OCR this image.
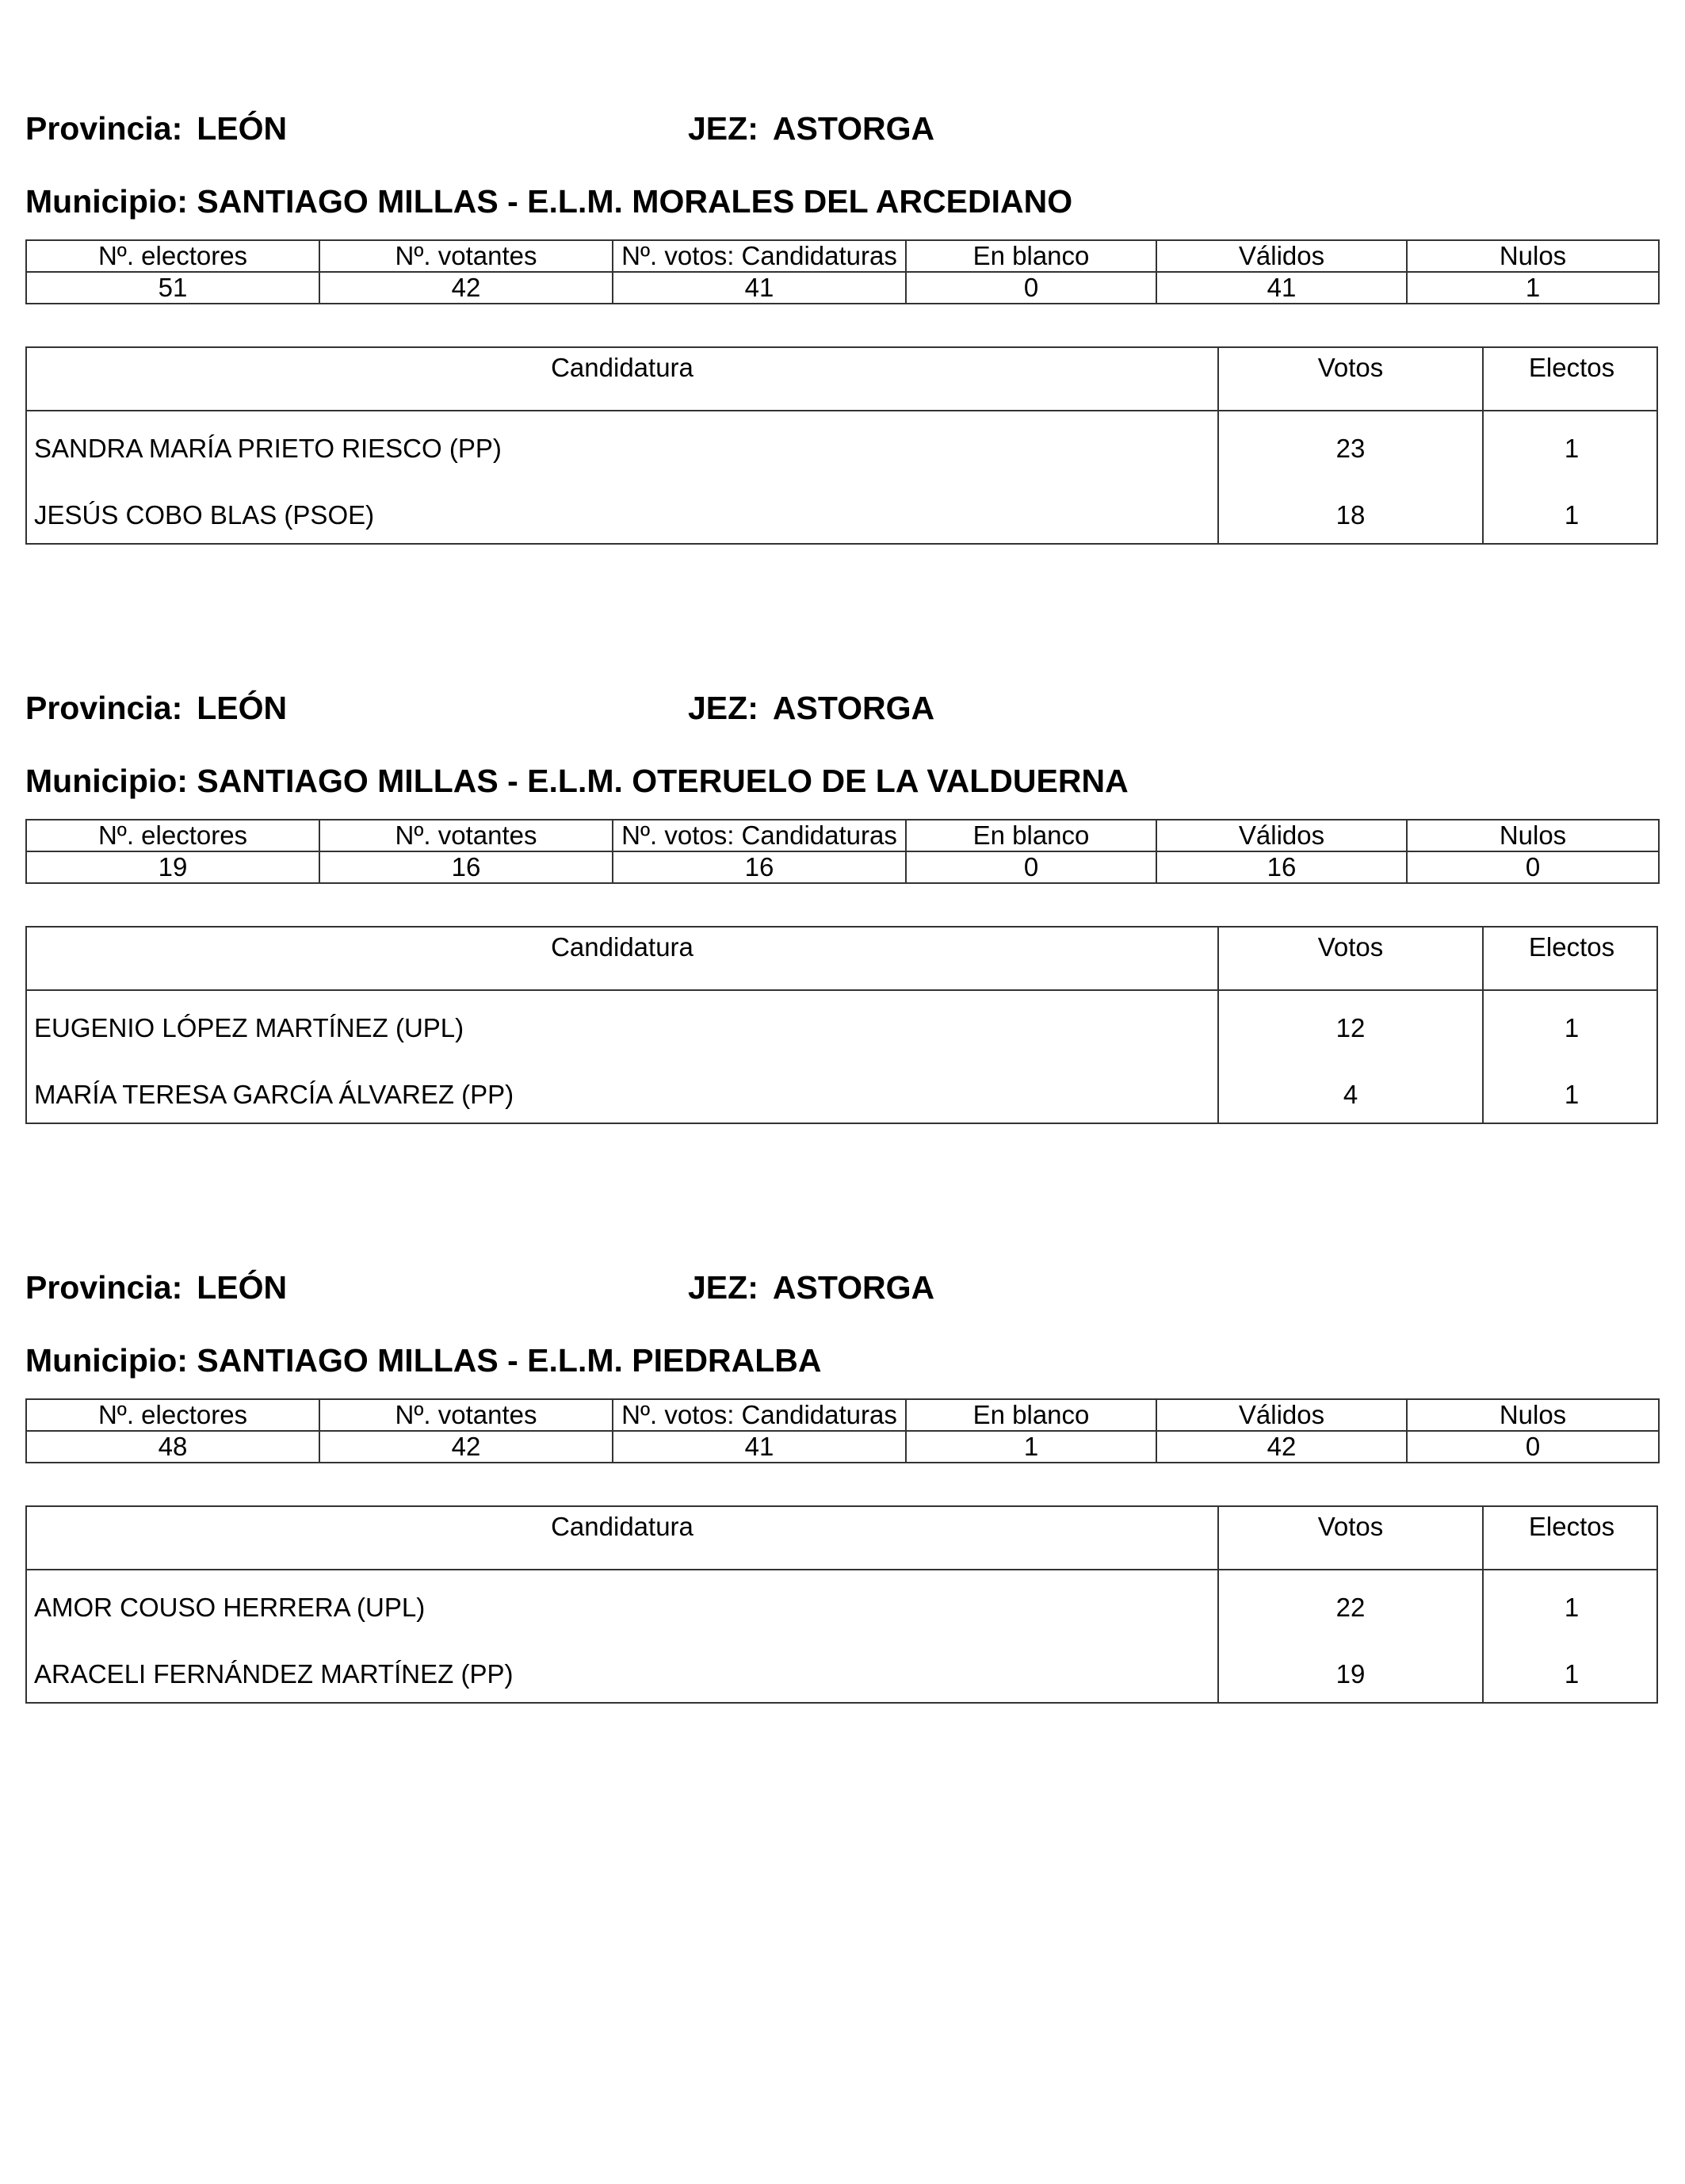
Provincia: LEÓN	JEZ: ASTORGA
Municipio: SANTIAGO MILLAS - E.L.M. MORALES DEL ARCEDIANO
Nº. electores	Nº. votantes	Nº. votos: Candidaturas	En blanco	Válidos	Nulos
51	42	41	0	41	1
Candidatura	Votos	Electos
SANDRA MARÍA PRIETO RIESCO (PP)	23	1
JESÚS COBO BLAS (PSOE)	18	1
Provincia: LEÓN	JEZ: ASTORGA
Municipio: SANTIAGO MILLAS - E.L.M. OTERUELO DE LA VALDUERNA
Nº. electores	Nº. votantes	Nº. votos: Candidaturas	En blanco	Válidos	Nulos
19	16	16	0	16	0
Candidatura	Votos	Electos
EUGENIO LÓPEZ MARTÍNEZ (UPL)	12	1
MARÍA TERESA GARCÍA ÁLVAREZ (PP)	4	1
Provincia: LEÓN	JEZ: ASTORGA
Municipio: SANTIAGO MILLAS - E.L.M. PIEDRALBA
Nº. electores	Nº. votantes	Nº. votos: Candidaturas	En blanco	Válidos	Nulos
48	42	41	1	42	0
Candidatura	Votos	Electos
AMOR COUSO HERRERA (UPL)	22	1
ARACELI FERNÁNDEZ MARTÍNEZ (PP)	19	1
